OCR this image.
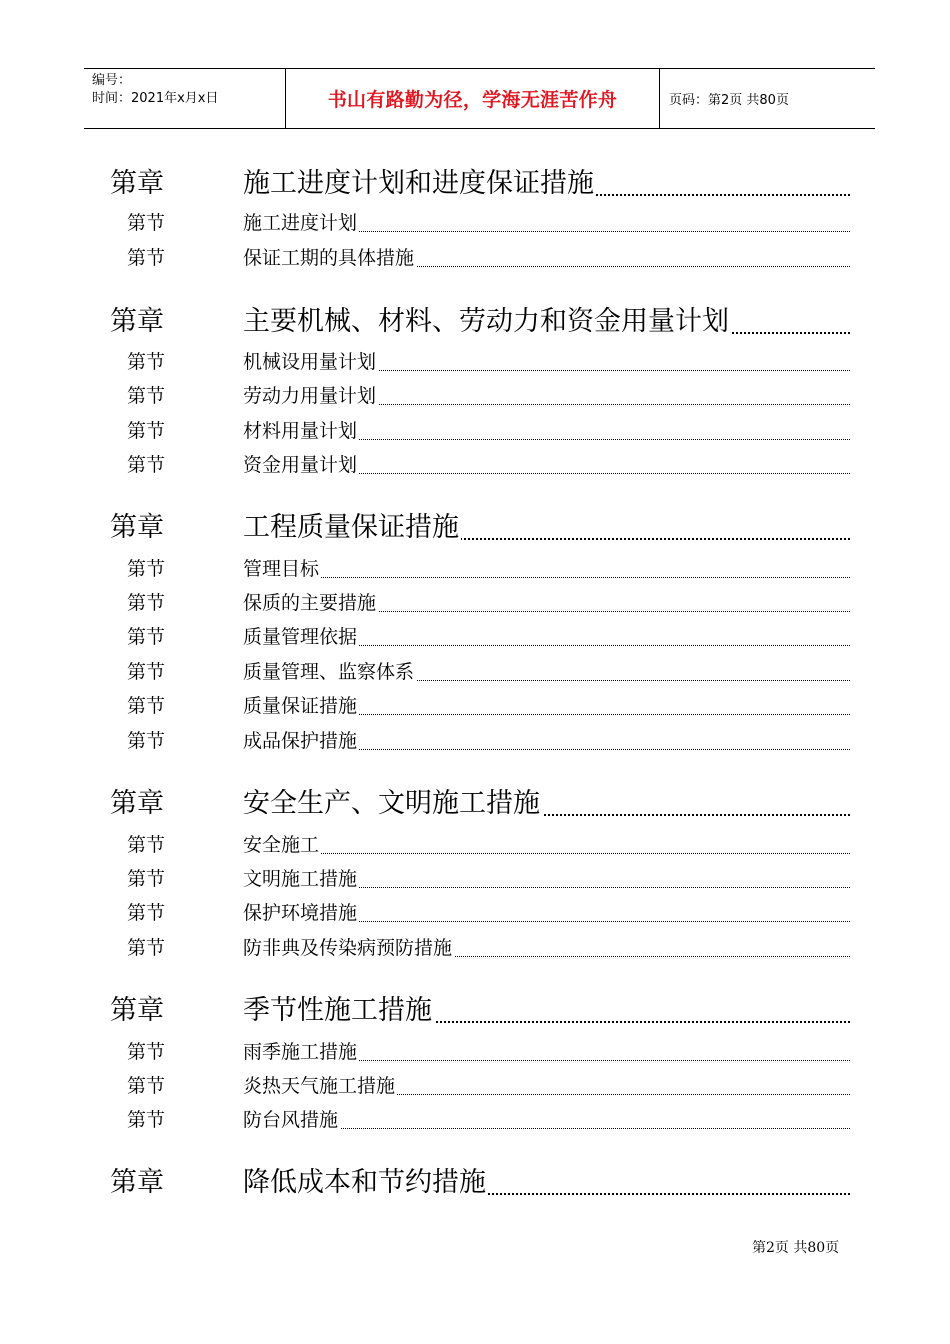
编号：
时间：2021年x月x日	书山有路勤为径，学海无涯苦作舟	页码：第2页 共80页
第章	施工进度计划和进度保证措施
第节	施工进度计划
第节	保证工期的具体措施
第章	主要机械、材料、劳动力和资金用量计划
第节	机械设用量计划
第节	劳动力用量计划
第节	材料用量计划
第节	资金用量计划
第章	工程质量保证措施
第节	管理目标
第节	保质的主要措施
第节	质量管理依据
第节	质量管理、监察体系
第节	质量保证措施
第节	成品保护措施
第章	安全生产、文明施工措施
第节	安全施工
第节	文明施工措施
第节	保护环境措施
第节	防非典及传染病预防措施
第章	季节性施工措施
第节	雨季施工措施
第节	炎热天气施工措施
第节	防台风措施
第章	降低成本和节约措施
第2页 共80页
